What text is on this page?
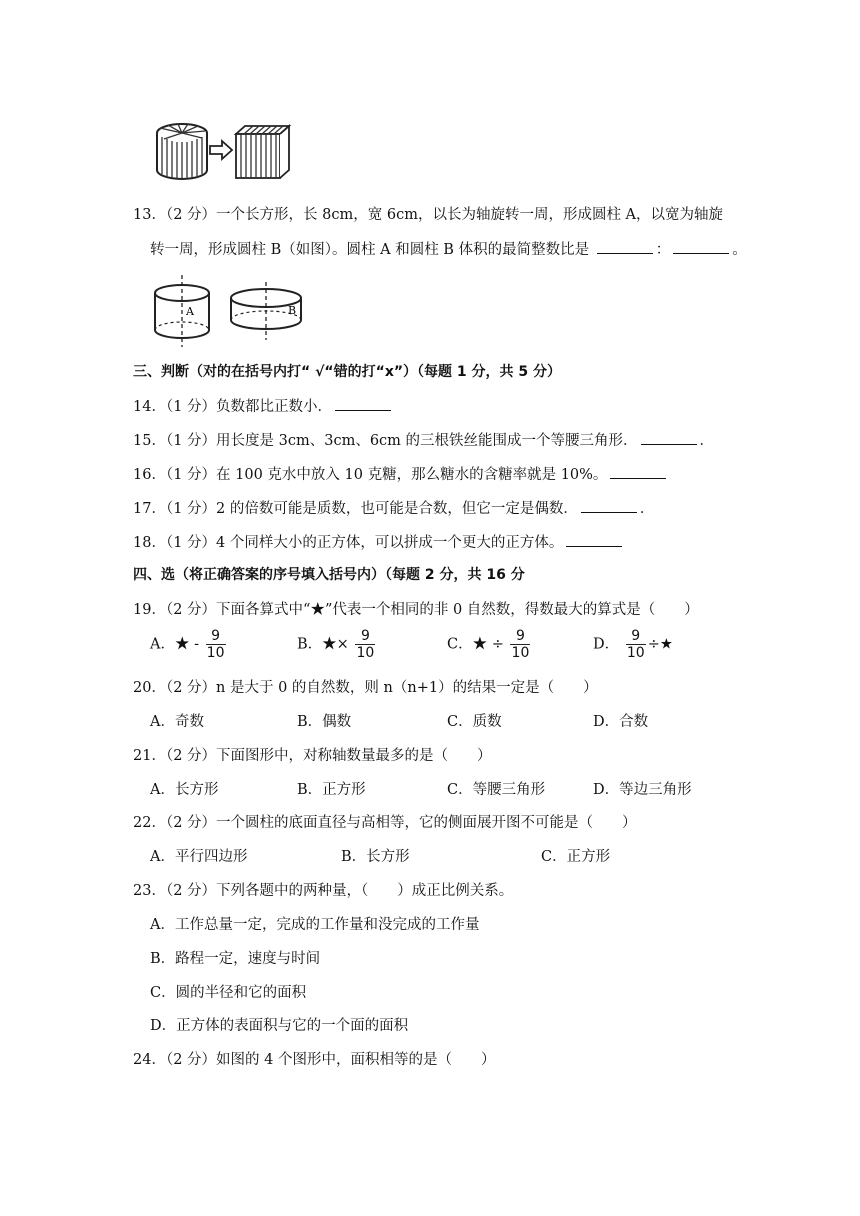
13．（2 分）一个长方形，长 8cm，宽 6cm，以长为轴旋转一周，形成圆柱 A，以宽为轴旋
转一周，形成圆柱 B（如图）。圆柱 A 和圆柱 B 体积的最简整数比是	：	。
A	B
三、判断（对的在括号内打“ √“错的打“x”）（每题 1 分，共 5 分）
14．（1 分）负数都比正数小．
15．（1 分）用长度是 3cm、3cm、6cm 的三根铁丝能围成一个等腰三角形．	．
16．（1 分）在 100 克水中放入 10 克糖，那么糖水的含糖率就是 10%。
17．（1 分）2 的倍数可能是质数，也可能是合数，但它一定是偶数．	．
18．（1 分）4 个同样大小的正方体，可以拼成一个更大的正方体。
四、选（将正确答案的序号填入括号内）（每题 2 分，共 16 分
19．（2 分）下面各算式中“★”代表一个相同的非 0 自然数，得数最大的算式是（　　）
A．★ - $\frac{9}{10}$	B．★× $\frac{9}{10}$	C．★ ÷ $\frac{9}{10}$	D． $\frac{9}{10}$ ÷★
20．（2 分）n 是大于 0 的自然数，则 n（n+1）的结果一定是（　　）
A．奇数	B．偶数	C．质数	D．合数
21．（2 分）下面图形中，对称轴数量最多的是（　　）
A．长方形	B．正方形	C．等腰三角形	D．等边三角形
22．（2 分）一个圆柱的底面直径与高相等，它的侧面展开图不可能是（　　）
A．平行四边形	B．长方形	C．正方形
23．（2 分）下列各题中的两种量，（　　）成正比例关系。
A．工作总量一定，完成的工作量和没完成的工作量
B．路程一定，速度与时间
C．圆的半径和它的面积
D．正方体的表面积与它的一个面的面积
24．（2 分）如图的 4 个图形中，面积相等的是（　　）
